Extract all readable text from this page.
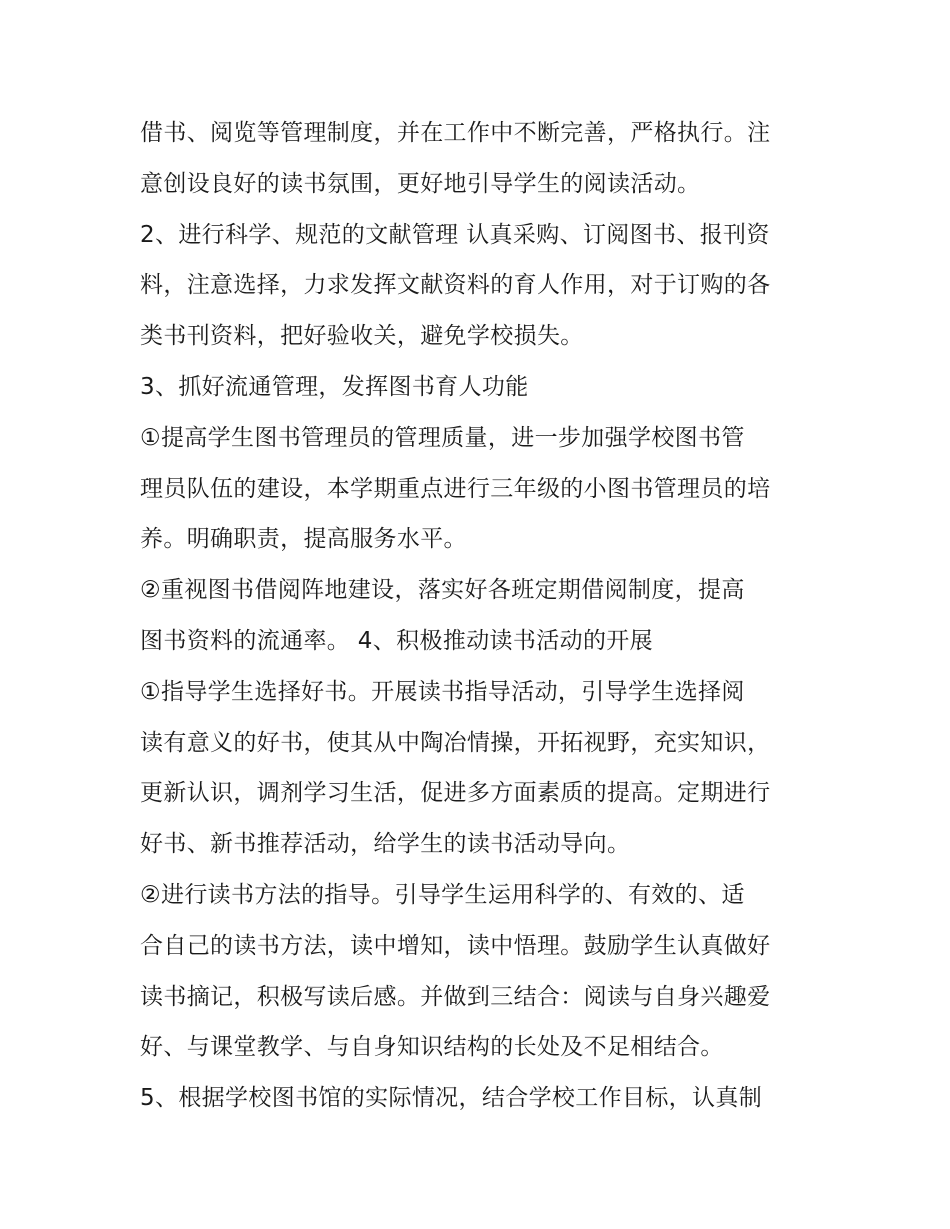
借书、阅览等管理制度，并在工作中不断完善，严格执行。注
意创设良好的读书氛围，更好地引导学生的阅读活动。
2、进行科学、规范的文献管理 认真采购、订阅图书、报刊资
料，注意选择，力求发挥文献资料的育人作用，对于订购的各
类书刊资料，把好验收关，避免学校损失。
3、抓好流通管理，发挥图书育人功能
①提高学生图书管理员的管理质量，进一步加强学校图书管
理员队伍的建设，本学期重点进行三年级的小图书管理员的培
养。明确职责，提高服务水平。
②重视图书借阅阵地建设，落实好各班定期借阅制度，提高
图书资料的流通率。 4、积极推动读书活动的开展
①指导学生选择好书。开展读书指导活动，引导学生选择阅
读有意义的好书，使其从中陶冶情操，开拓视野，充实知识，
更新认识，调剂学习生活，促进多方面素质的提高。定期进行
好书、新书推荐活动，给学生的读书活动导向。
②进行读书方法的指导。引导学生运用科学的、有效的、适
合自己的读书方法，读中增知，读中悟理。鼓励学生认真做好
读书摘记，积极写读后感。并做到三结合：阅读与自身兴趣爱
好、与课堂教学、与自身知识结构的长处及不足相结合。
5、根据学校图书馆的实际情况，结合学校工作目标，认真制
